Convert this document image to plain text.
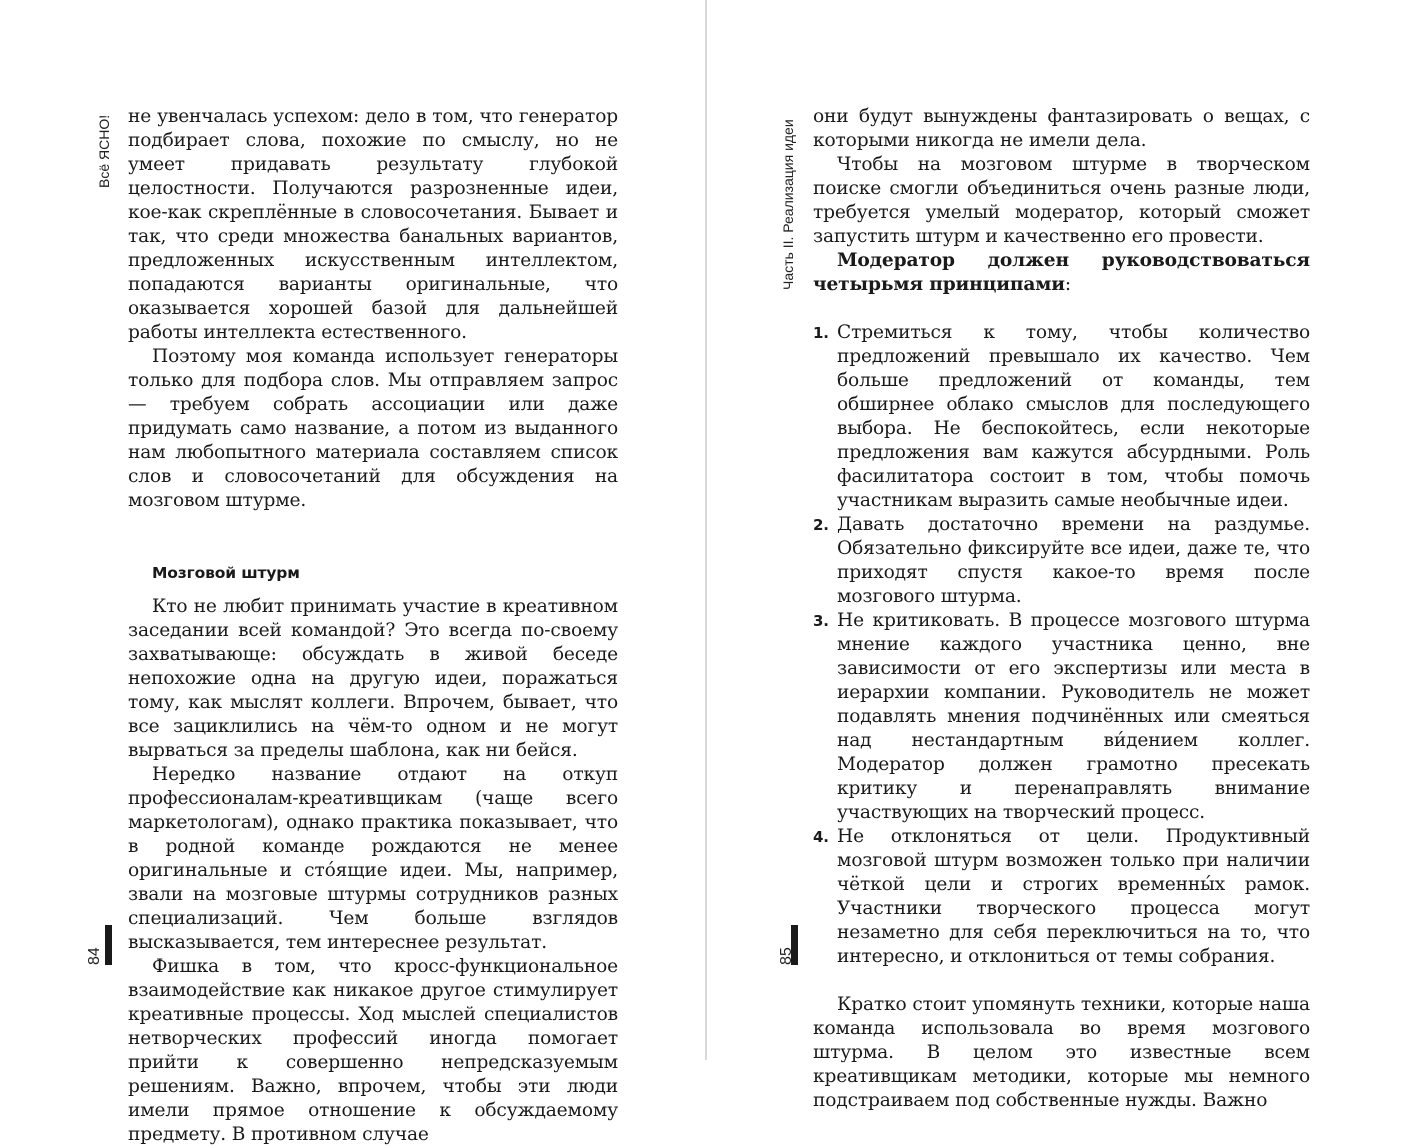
Всё ЯСНО! не увенчалась успехом: дело в том, что генератор подбирает слова, похожие по смыслу, но не умеет придавать результату глубокой целостности. Получаются разрозненные идеи, кое-как скреплённые в словосочетания. Бывает и так, что среди множества банальных вариантов, предложенных искусственным интеллектом, попадаются варианты оригинальные, что оказывается хорошей базой для дальнейшей работы интеллекта естественного.

Поэтому моя команда использует генераторы только для подбора слов. Мы отправляем запрос — требуем собрать ассоциации или даже придумать само название, а потом из выданного нам любопытного материала составляем список слов и словосочетаний для обсуждения на мозговом штурме.

Мозговой штурм

Кто не любит принимать участие в креативном заседании всей командой? Это всегда по-своему захватывающе: обсуждать в живой беседе непохожие одна на другую идеи, поражаться тому, как мыслят коллеги. Впрочем, бывает, что все зациклились на чём-то одном и не могут вырваться за пределы шаблона, как ни бейся.

Нередко название отдают на откуп профессионалам-креативщикам (чаще всего маркетологам), однако практика показывает, что в родной команде рождаются не менее оригинальные и сто́ящие идеи. Мы, например, звали на мозговые штурмы сотрудников разных специализаций. Чем больше взглядов высказывается, тем интереснее результат.

Фишка в том, что кросс-функциональное взаимодействие как никакое другое стимулирует креативные процессы. Ход мыслей специалистов нетворческих профессий иногда помогает прийти к совершенно непредсказуемым решениям. Важно, впрочем, чтобы эти люди имели прямое отношение к обсуждаемому предмету. В противном случае

84
Часть II. Реализация идеи

они будут вынуждены фантазировать о вещах, с которыми никогда не имели дела.

Чтобы на мозговом штурме в творческом поиске смогли объединиться очень разные люди, требуется умелый модератор, который сможет запустить штурм и качественно его провести.

Модератор должен руководствоваться четырьмя принципами:

1. Стремиться к тому, чтобы количество предложений превышало их качество. Чем больше предложений от команды, тем обширнее облако смыслов для последующего выбора. Не беспокойтесь, если некоторые предложения вам кажутся абсурдными. Роль фасилитатора состоит в том, чтобы помочь участникам выразить самые необычные идеи.
2. Давать достаточно времени на раздумье. Обязательно фиксируйте все идеи, даже те, что приходят спустя какое-то время после мозгового штурма.
3. Не критиковать. В процессе мозгового штурма мнение каждого участника ценно, вне зависимости от его экспертизы или места в иерархии компании. Руководитель не может подавлять мнения подчинённых или смеяться над нестандартным ви́дением коллег. Модератор должен грамотно пресекать критику и перенаправлять внимание участвующих на творческий процесс.
4. Не отклоняться от цели. Продуктивный мозговой штурм возможен только при наличии чёткой цели и строгих временны́х рамок. Участники творческого процесса могут незаметно для себя переключиться на то, что интересно, и отклониться от темы собрания.

Кратко стоит упомянуть техники, которые наша команда использовала во время мозгового штурма. В целом это известные всем креативщикам методики, которые мы немного подстраиваем под собственные нужды. Важно

85
